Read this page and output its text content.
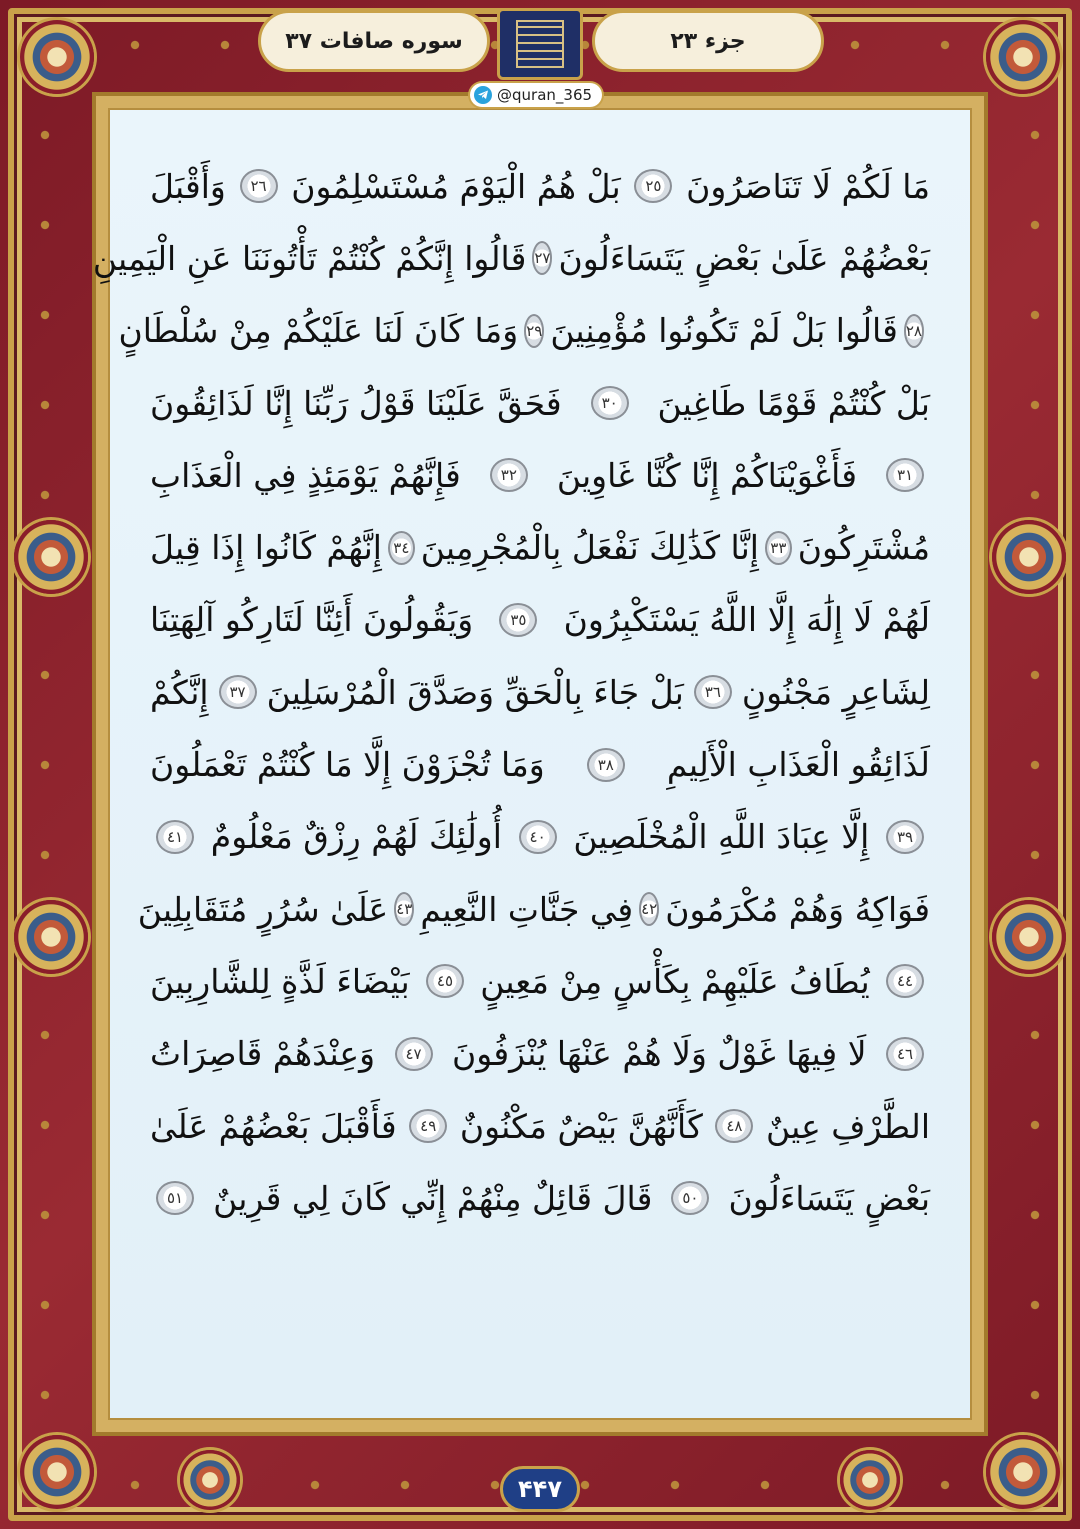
سوره صافات ۳۷	جزء ۲۳
@quran_365
مَا لَكُمْ لَا تَنَاصَرُونَ
٢٥
بَلْ هُمُ الْيَوْمَ مُسْتَسْلِمُونَ
٢٦
وَأَقْبَلَ
بَعْضُهُمْ عَلَىٰ بَعْضٍ يَتَسَاءَلُونَ
٢٧
قَالُوا إِنَّكُمْ كُنْتُمْ تَأْتُونَنَا عَنِ الْيَمِينِ
٢٨
قَالُوا بَلْ لَمْ تَكُونُوا مُؤْمِنِينَ
٢٩
وَمَا كَانَ لَنَا عَلَيْكُمْ مِنْ سُلْطَانٍ
بَلْ كُنْتُمْ قَوْمًا طَاغِينَ
٣٠
فَحَقَّ عَلَيْنَا قَوْلُ رَبِّنَا إِنَّا لَذَائِقُونَ
٣١
فَأَغْوَيْنَاكُمْ إِنَّا كُنَّا غَاوِينَ
٣٢
فَإِنَّهُمْ يَوْمَئِذٍ فِي الْعَذَابِ
مُشْتَرِكُونَ
٣٣
إِنَّا كَذَٰلِكَ نَفْعَلُ بِالْمُجْرِمِينَ
٣٤
إِنَّهُمْ كَانُوا إِذَا قِيلَ
لَهُمْ لَا إِلَٰهَ إِلَّا اللَّهُ يَسْتَكْبِرُونَ
٣٥
وَيَقُولُونَ أَئِنَّا لَتَارِكُو آلِهَتِنَا
لِشَاعِرٍ مَجْنُونٍ
٣٦
بَلْ جَاءَ بِالْحَقِّ وَصَدَّقَ الْمُرْسَلِينَ
٣٧
إِنَّكُمْ
لَذَائِقُو الْعَذَابِ الْأَلِيمِ
٣٨
وَمَا تُجْزَوْنَ إِلَّا مَا كُنْتُمْ تَعْمَلُونَ
٣٩
إِلَّا عِبَادَ اللَّهِ الْمُخْلَصِينَ
٤٠
أُولَٰئِكَ لَهُمْ رِزْقٌ مَعْلُومٌ
٤١
فَوَاكِهُ وَهُمْ مُكْرَمُونَ
٤٢
فِي جَنَّاتِ النَّعِيمِ
٤٣
عَلَىٰ سُرُرٍ مُتَقَابِلِينَ
٤٤
يُطَافُ عَلَيْهِمْ بِكَأْسٍ مِنْ مَعِينٍ
٤٥
بَيْضَاءَ لَذَّةٍ لِلشَّارِبِينَ
٤٦
لَا فِيهَا غَوْلٌ وَلَا هُمْ عَنْهَا يُنْزَفُونَ
٤٧
وَعِنْدَهُمْ قَاصِرَاتُ
الطَّرْفِ عِينٌ
٤٨
كَأَنَّهُنَّ بَيْضٌ مَكْنُونٌ
٤٩
فَأَقْبَلَ بَعْضُهُمْ عَلَىٰ
بَعْضٍ يَتَسَاءَلُونَ
٥٠
قَالَ قَائِلٌ مِنْهُمْ إِنِّي كَانَ لِي قَرِينٌ
٥١
۴۴۷
